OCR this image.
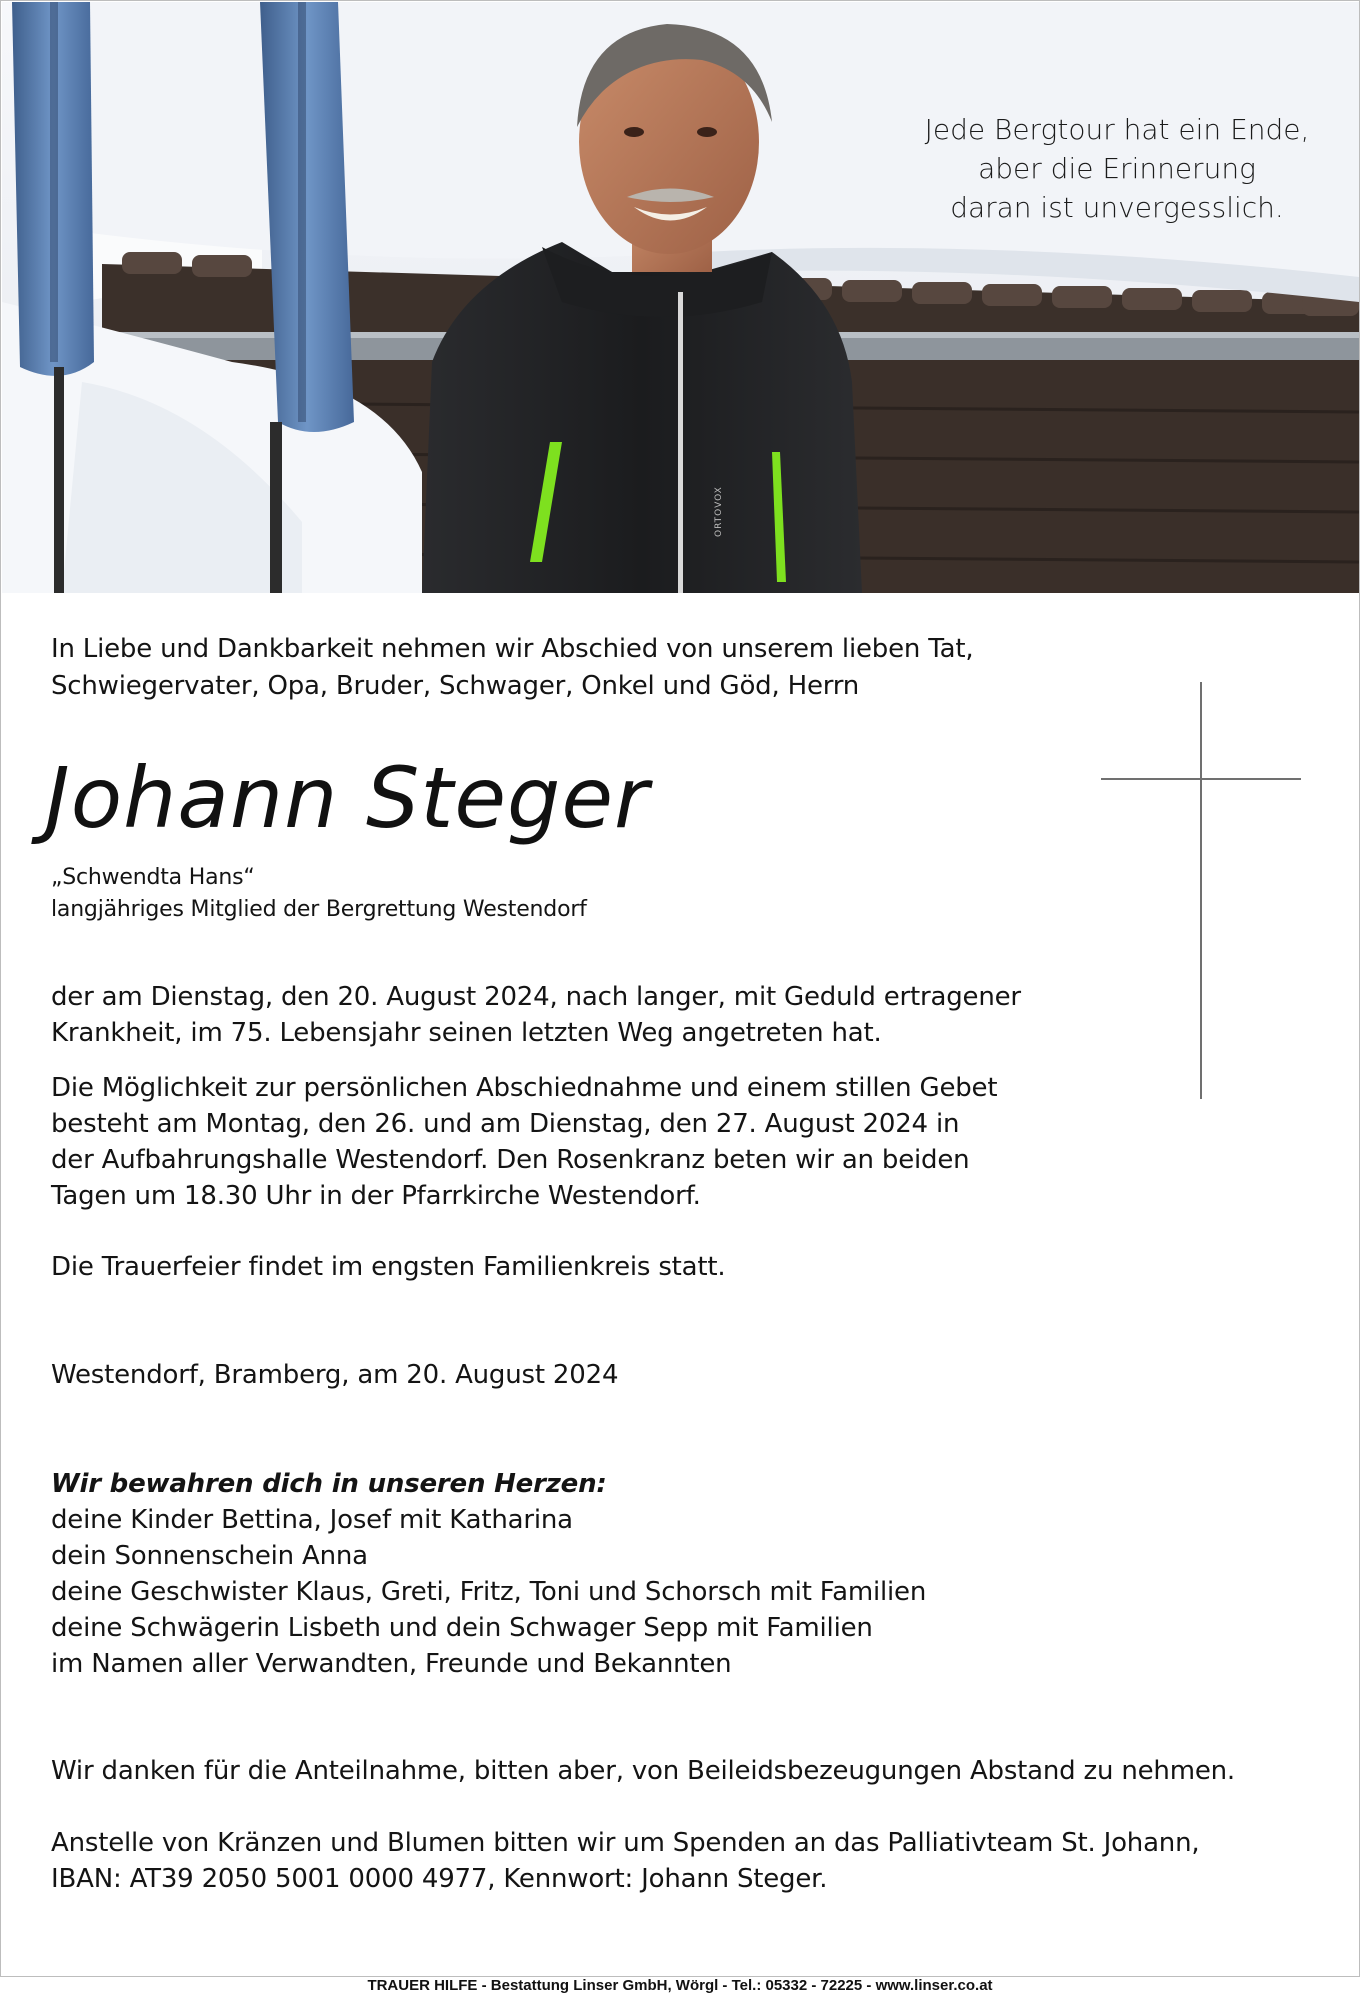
Jede Bergtour hat ein Ende,
aber die Erinnerung
daran ist unvergesslich.
ORTOVOX
In Liebe und Dankbarkeit nehmen wir Abschied von unserem lieben Tat,
Schwiegervater, Opa, Bruder, Schwager, Onkel und Göd, Herrn
Johann Steger
„Schwendta Hans“
langjähriges Mitglied der Bergrettung Westendorf
der am Dienstag, den 20. August 2024, nach langer, mit Geduld ertragener
Krankheit, im 75. Lebensjahr seinen letzten Weg angetreten hat.
Die Möglichkeit zur persönlichen Abschiednahme und einem stillen Gebet
besteht am Montag, den 26. und am Dienstag, den 27. August 2024 in
der Aufbahrungshalle Westendorf. Den Rosenkranz beten wir an beiden
Tagen um 18.30 Uhr in der Pfarrkirche Westendorf.
Die Trauerfeier findet im engsten Familienkreis statt.
Westendorf, Bramberg, am 20. August 2024
Wir bewahren dich in unseren Herzen:
deine Kinder Bettina, Josef mit Katharina
dein Sonnenschein Anna
deine Geschwister Klaus, Greti, Fritz, Toni und Schorsch mit Familien
deine Schwägerin Lisbeth und dein Schwager Sepp mit Familien
im Namen aller Verwandten, Freunde und Bekannten
Wir danken für die Anteilnahme, bitten aber, von Beileidsbezeugungen Abstand zu nehmen.
Anstelle von Kränzen und Blumen bitten wir um Spenden an das Palliativteam St. Johann,
IBAN: AT39 2050 5001 0000 4977, Kennwort: Johann Steger.
TRAUER HILFE - Bestattung Linser GmbH, Wörgl - Tel.: 05332 - 72225 - www.linser.co.at
